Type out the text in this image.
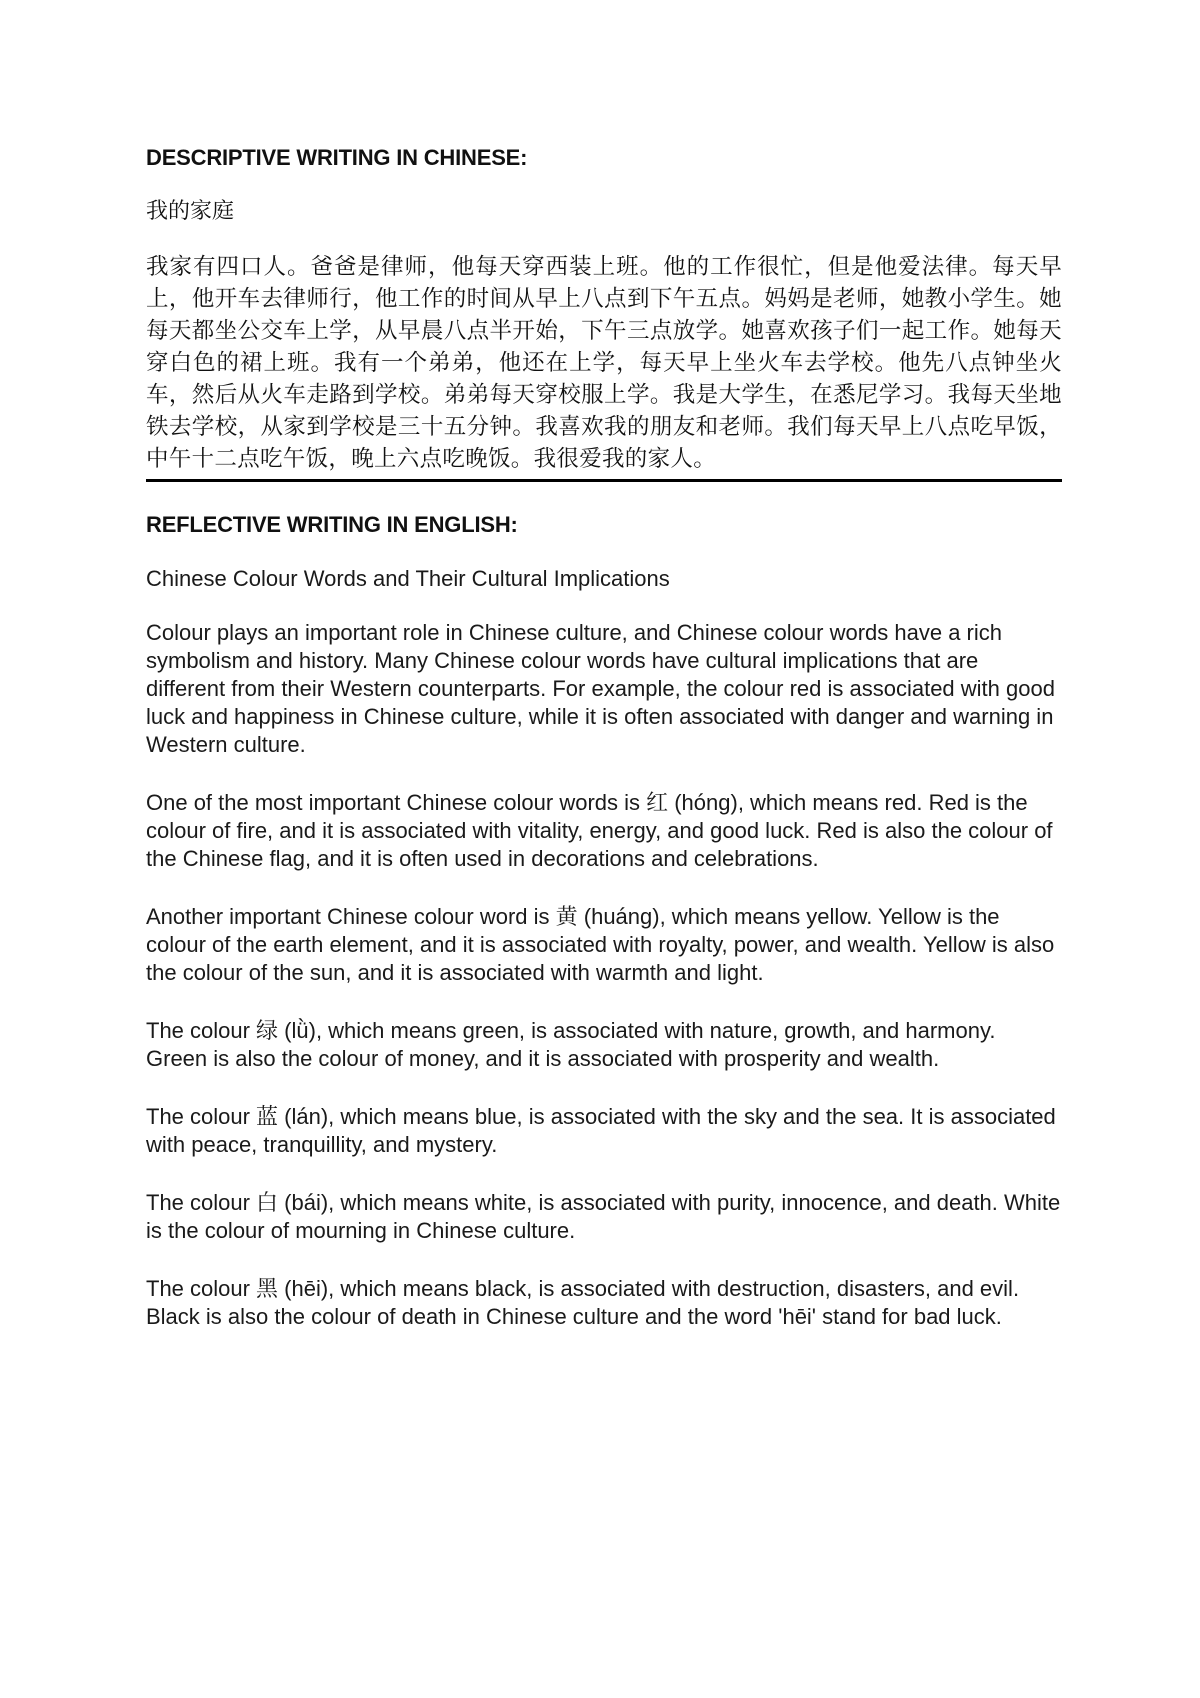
DESCRIPTIVE WRITING IN CHINESE:
我的家庭

我家有四口人。爸爸是律师，他每天穿西装上班。他的工作很忙，但是他爱法律。每天早上，他开车去律师行，他工作的时间从早上八点到下午五点。妈妈是老师，她教小学生。她每天都坐公交车上学，从早晨八点半开始，下午三点放学。她喜欢孩子们一起工作。她每天穿白色的裙上班。我有一个弟弟，他还在上学，每天早上坐火车去学校。他先八点钟坐火车，然后从火车走路到学校。弟弟每天穿校服上学。我是大学生，在悉尼学习。我每天坐地铁去学校，从家到学校是三十五分钟。我喜欢我的朋友和老师。我们每天早上八点吃早饭，中午十二点吃午饭，晚上六点吃晚饭。我很爱我的家人。

REFLECTIVE WRITING IN ENGLISH:
Chinese Colour Words and Their Cultural Implications

Colour plays an important role in Chinese culture, and Chinese colour words have a rich symbolism and history. Many Chinese colour words have cultural implications that are different from their Western counterparts. For example, the colour red is associated with good luck and happiness in Chinese culture, while it is often associated with danger and warning in Western culture.

One of the most important Chinese colour words is 红 (hóng), which means red. Red is the colour of fire, and it is associated with vitality, energy, and good luck. Red is also the colour of the Chinese flag, and it is often used in decorations and celebrations.

Another important Chinese colour word is 黄 (huáng), which means yellow. Yellow is the colour of the earth element, and it is associated with royalty, power, and wealth. Yellow is also the colour of the sun, and it is associated with warmth and light.

The colour 绿 (lǜ), which means green, is associated with nature, growth, and harmony. Green is also the colour of money, and it is associated with prosperity and wealth.

The colour 蓝 (lán), which means blue, is associated with the sky and the sea. It is associated with peace, tranquillity, and mystery.

The colour 白 (bái), which means white, is associated with purity, innocence, and death. White is the colour of mourning in Chinese culture.

The colour 黑 (hēi), which means black, is associated with destruction, disasters, and evil. Black is also the colour of death in Chinese culture and the word 'hēi' stand for bad luck.
